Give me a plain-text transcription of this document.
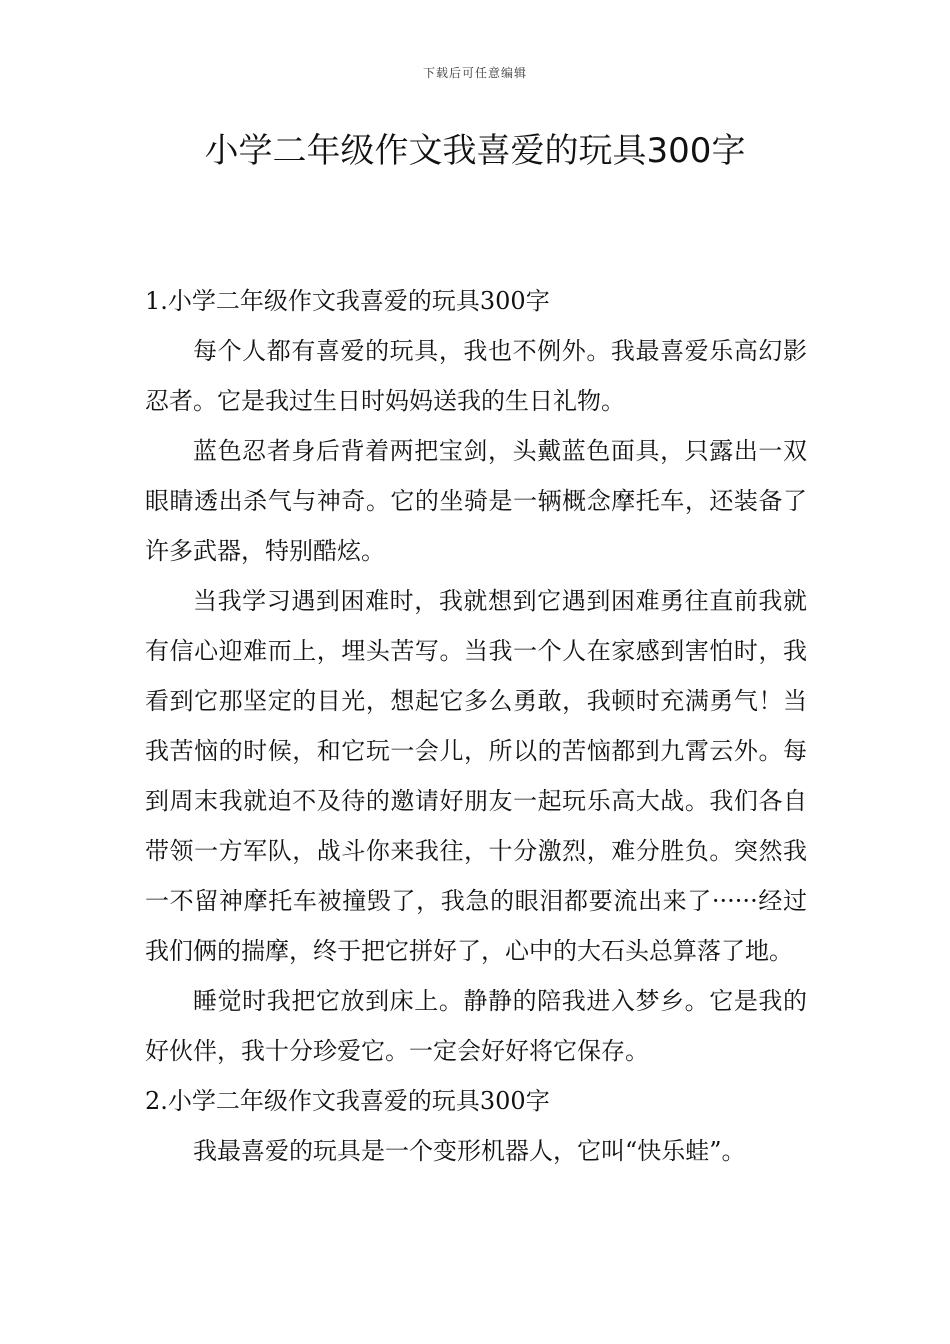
下载后可任意编辑
小学二年级作文我喜爱的玩具300字
1.小学二年级作文我喜爱的玩具300字

每个人都有喜爱的玩具，我也不例外。我最喜爱乐高幻影忍者。它是我过生日时妈妈送我的生日礼物。

蓝色忍者身后背着两把宝剑，头戴蓝色面具，只露出一双眼睛透出杀气与神奇。它的坐骑是一辆概念摩托车，还装备了许多武器，特别酷炫。

当我学习遇到困难时，我就想到它遇到困难勇往直前我就有信心迎难而上，埋头苦写。当我一个人在家感到害怕时，我看到它那坚定的目光，想起它多么勇敢，我顿时充满勇气！当我苦恼的时候，和它玩一会儿，所以的苦恼都到九霄云外。每到周末我就迫不及待的邀请好朋友一起玩乐高大战。我们各自带领一方军队，战斗你来我往，十分激烈，难分胜负。突然我一不留神摩托车被撞毁了，我急的眼泪都要流出来了······经过我们俩的揣摩，终于把它拼好了，心中的大石头总算落了地。

睡觉时我把它放到床上。静静的陪我进入梦乡。它是我的好伙伴，我十分珍爱它。一定会好好将它保存。

2.小学二年级作文我喜爱的玩具300字

我最喜爱的玩具是一个变形机器人，它叫“快乐蛙”。
